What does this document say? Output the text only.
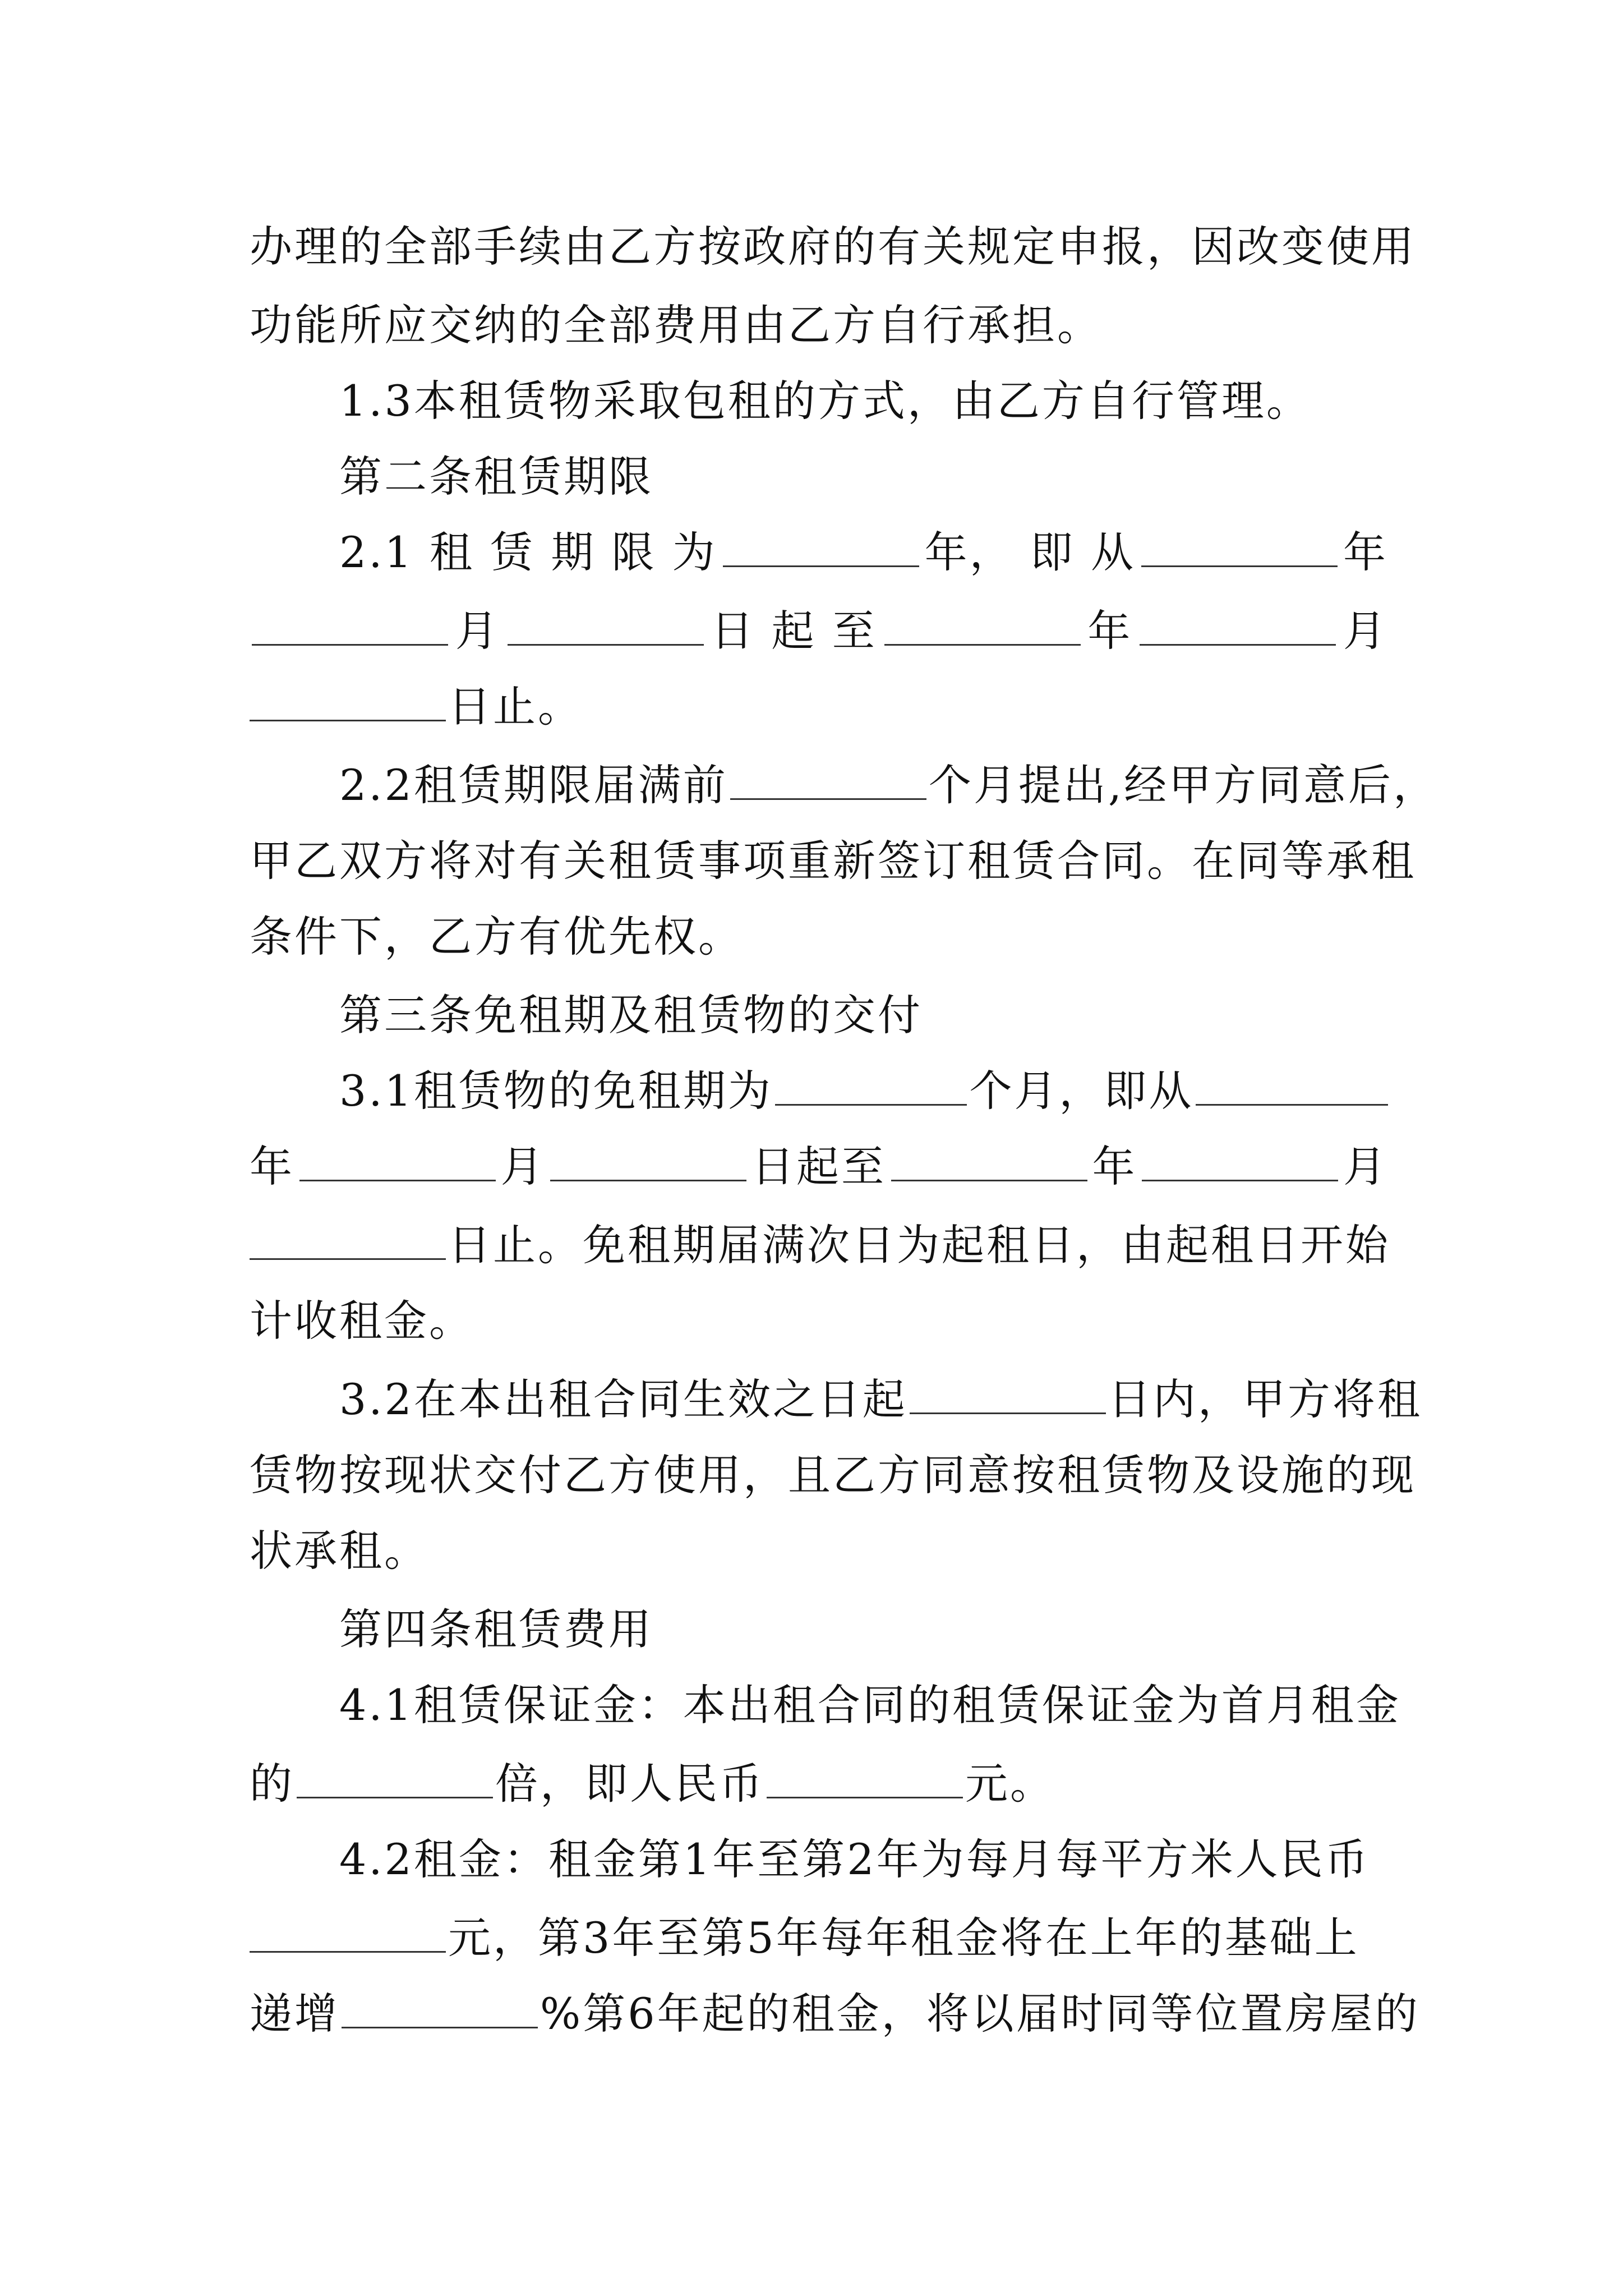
办理的全部手续由乙方按政府的有关规定申报，因改变使用
功能所应交纳的全部费用由乙方自行承担。
1.3本租赁物采取包租的方式，由乙方自行管理。
第二条租赁期限
2.1 租 赁 期 限 为	年， 即 从	年
月	日 起 至	年	月
日止。
2.2租赁期限届满前	个月提出,经甲方同意后，
甲乙双方将对有关租赁事项重新签订租赁合同。在同等承租
条件下，乙方有优先权。
第三条免租期及租赁物的交付
3.1租赁物的免租期为	个月，即从
年	月	日起至	年	月
日止。免租期届满次日为起租日，由起租日开始
计收租金。
3.2在本出租合同生效之日起	日内，甲方将租
赁物按现状交付乙方使用，且乙方同意按租赁物及设施的现
状承租。
第四条租赁费用
4.1租赁保证金：本出租合同的租赁保证金为首月租金
的	倍，即人民币	元。
4.2租金：租金第1年至第2年为每月每平方米人民币
元，第3年至第5年每年租金将在上年的基础上
递增	%第6年起的租金，将以届时同等位置房屋的
